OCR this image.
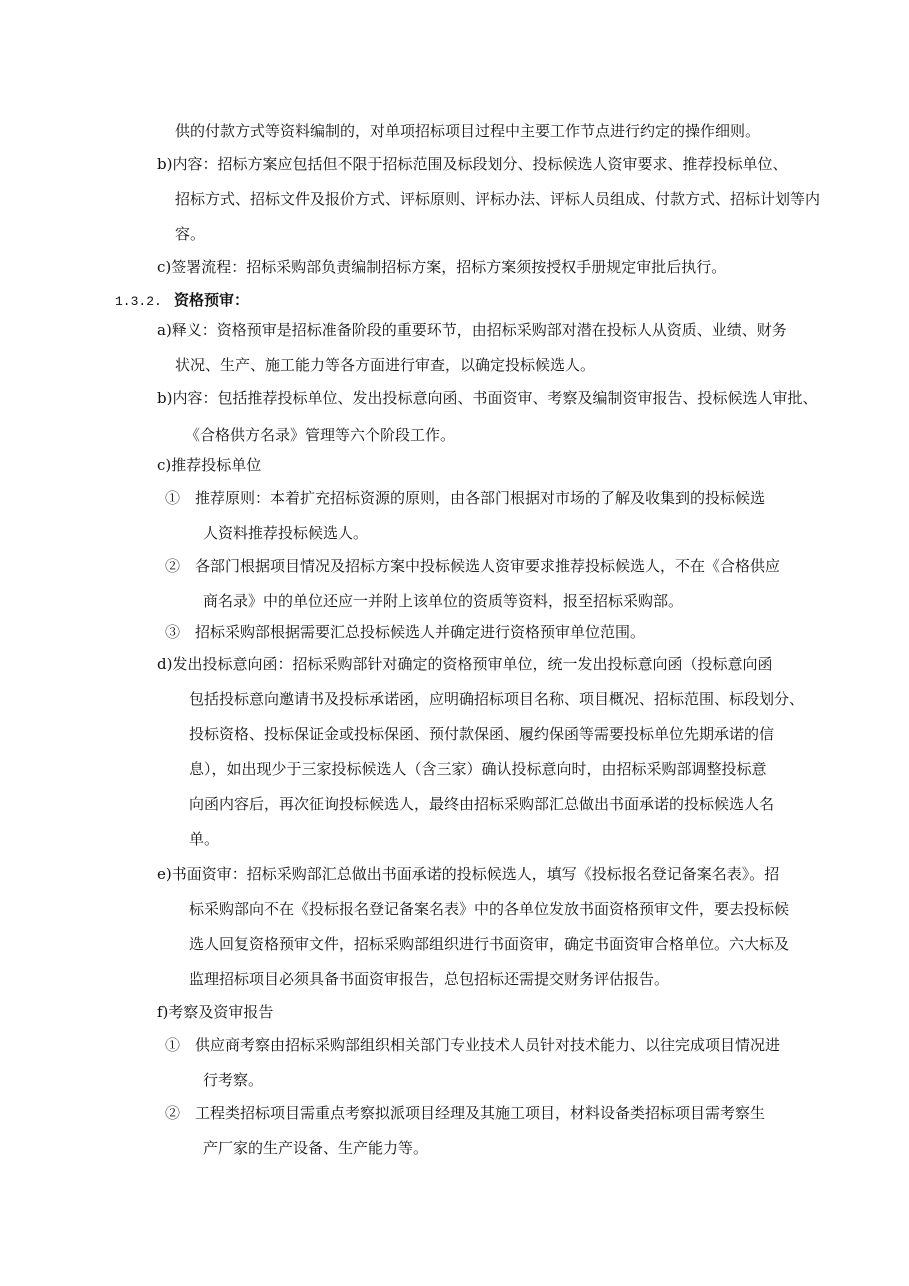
供的付款方式等资料编制的，对单项招标项目过程中主要工作节点进行约定的操作细则。
b)内容：招标方案应包括但不限于招标范围及标段划分、投标候选人资审要求、推荐投标单位、
招标方式、招标文件及报价方式、评标原则、评标办法、评标人员组成、付款方式、招标计划等内
容。
c)签署流程：招标采购部负责编制招标方案，招标方案须按授权手册规定审批后执行。
1.3.2. 资格预审：
a)释义：资格预审是招标准备阶段的重要环节，由招标采购部对潜在投标人从资质、业绩、财务
状况、生产、施工能力等各方面进行审查，以确定投标候选人。
b)内容：包括推荐投标单位、发出投标意向函、书面资审、考察及编制资审报告、投标候选人审批、
《合格供方名录》管理等六个阶段工作。
c)推荐投标单位
①　推荐原则：本着扩充招标资源的原则，由各部门根据对市场的了解及收集到的投标候选
人资料推荐投标候选人。
②　各部门根据项目情况及招标方案中投标候选人资审要求推荐投标候选人，不在《合格供应
商名录》中的单位还应一并附上该单位的资质等资料，报至招标采购部。
③　招标采购部根据需要汇总投标候选人并确定进行资格预审单位范围。
d)发出投标意向函：招标采购部针对确定的资格预审单位，统一发出投标意向函（投标意向函
包括投标意向邀请书及投标承诺函，应明确招标项目名称、项目概况、招标范围、标段划分、
投标资格、投标保证金或投标保函、预付款保函、履约保函等需要投标单位先期承诺的信
息），如出现少于三家投标候选人（含三家）确认投标意向时，由招标采购部调整投标意
向函内容后，再次征询投标候选人，最终由招标采购部汇总做出书面承诺的投标候选人名
单。
e)书面资审：招标采购部汇总做出书面承诺的投标候选人，填写《投标报名登记备案名表》。招
标采购部向不在《投标报名登记备案名表》中的各单位发放书面资格预审文件，要去投标候
选人回复资格预审文件，招标采购部组织进行书面资审，确定书面资审合格单位。六大标及
监理招标项目必须具备书面资审报告，总包招标还需提交财务评估报告。
f)考察及资审报告
①　供应商考察由招标采购部组织相关部门专业技术人员针对技术能力、以往完成项目情况进
行考察。
②　工程类招标项目需重点考察拟派项目经理及其施工项目，材料设备类招标项目需考察生
产厂家的生产设备、生产能力等。
